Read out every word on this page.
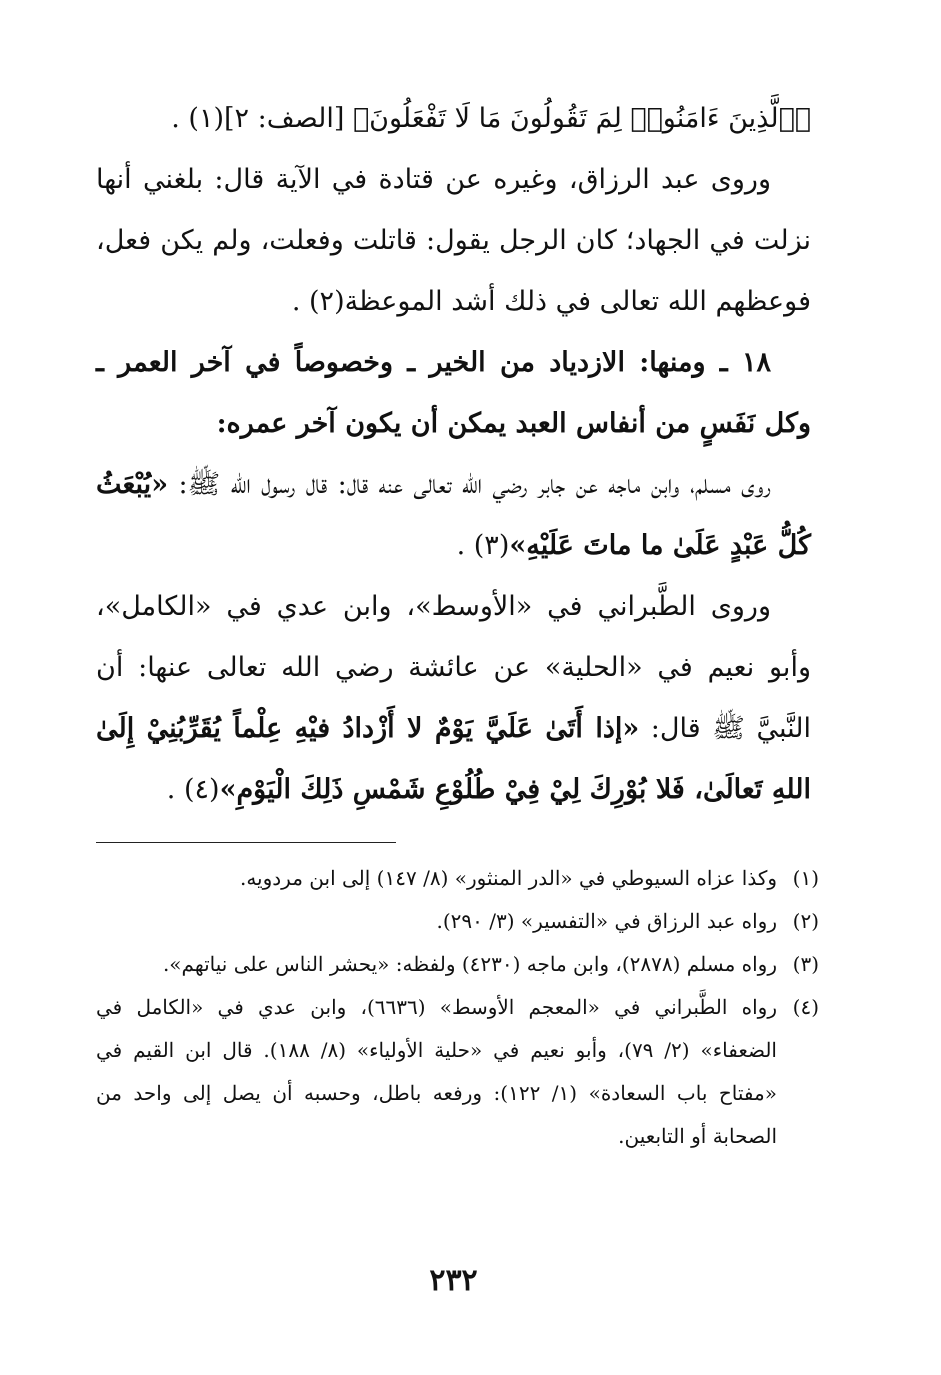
﴿ٱلَّذِينَ ءَامَنُوا۟ لِمَ تَقُولُونَ مَا لَا تَفْعَلُونَ﴾ [الصف: ٢](١) .

وروى عبد الرزاق، وغيره عن قتادة في الآية قال: بلغني أنها نزلت في الجهاد؛ كان الرجل يقول: قاتلت وفعلت، ولم يكن فعل، فوعظهم الله تعالى في ذلك أشد الموعظة(٢) .

١٨ ـ ومنها: الازدياد من الخير ـ وخصوصاً في آخر العمر ـ وكل نَفَسٍ من أنفاس العبد يمكن أن يكون آخر عمره:

روى مسلم، وابن ماجه عن جابر رضي الله تعالى عنه قال: قال رسول الله ﷺ: «يُبْعَثُ كُلُّ عَبْدٍ عَلَىٰ ما ماتَ عَلَيْهِ»(٣) .

وروى الطَّبراني في «الأوسط»، وابن عدي في «الكامل»، وأبو نعيم في «الحلية» عن عائشة رضي الله تعالى عنها: أن النَّبيَّ ﷺ قال: «إذا أَتَىٰ عَلَيَّ يَوْمٌ لا أَزْدادُ فيْهِ عِلْماً يُقَرِّبُنِيْ إِلَىٰ اللهِ تَعالَىٰ، فَلا بُوْرِكَ لِيْ فِيْ طُلُوْعِ شَمْسِ ذَلِكَ الْيَوْمِ»(٤) .

(١)
وكذا عزاه السيوطي في «الدر المنثور» (٨/ ١٤٧) إلى ابن مردويه.

(٢)
رواه عبد الرزاق في «التفسير» (٣/ ٢٩٠).

(٣)
رواه مسلم (٢٨٧٨)، وابن ماجه (٤٢٣٠) ولفظه: «يحشر الناس على نياتهم».

(٤)
رواه الطَّبراني في «المعجم الأوسط» (٦٦٣٦)، وابن عدي في «الكامل في الضعفاء» (٢/ ٧٩)، وأبو نعيم في «حلية الأولياء» (٨/ ١٨٨). قال ابن القيم في «مفتاح باب السعادة» (١/ ١٢٢): ورفعه باطل، وحسبه أن يصل إلى واحد من الصحابة أو التابعين.

٢٣٢
